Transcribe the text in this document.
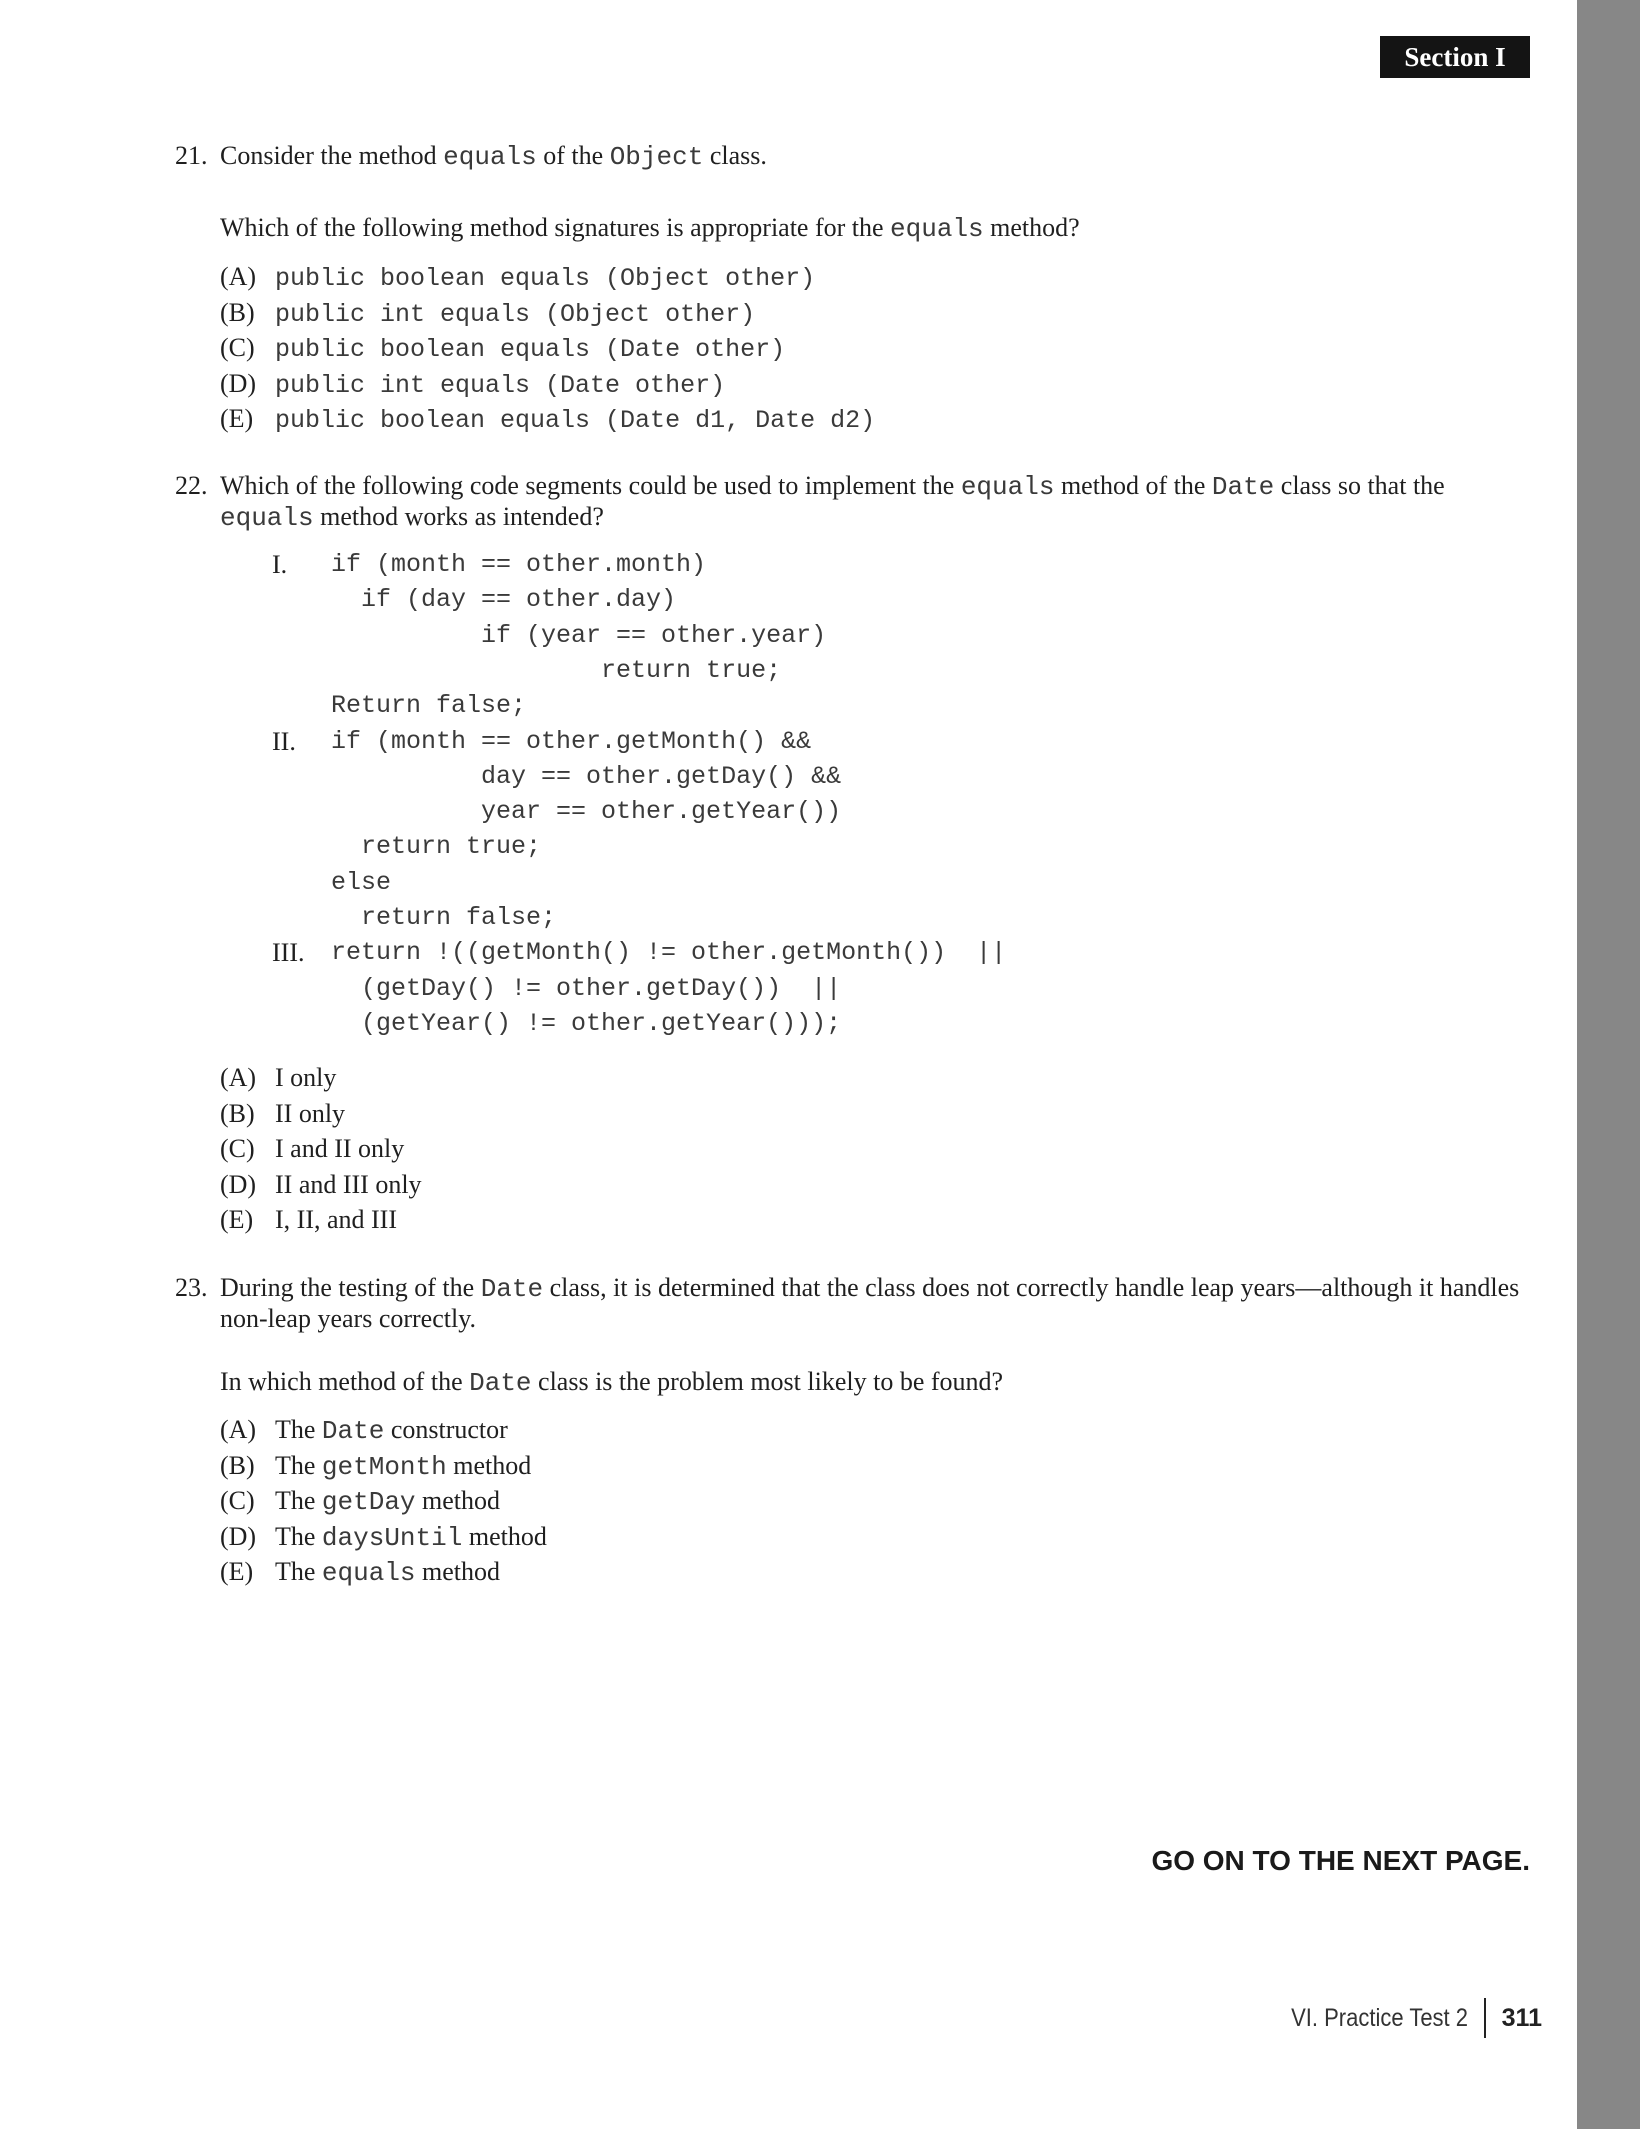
Section I
21. Consider the method equals of the Object class.
Which of the following method signatures is appropriate for the equals method?
(A) public boolean equals (Object other)
(B) public int equals (Object other)
(C) public boolean equals (Date other)
(D) public int equals (Date other)
(E) public boolean equals (Date d1, Date d2)
22. Which of the following code segments could be used to implement the equals method of the Date class so that the
equals method works as intended?
I. if (month == other.month)
if (day == other.day)
if (year == other.year)
return true;
Return false;
II. if (month == other.getMonth() &&
day == other.getDay() &&
year == other.getYear())
return true;
else
return false;
III. return !((getMonth() != other.getMonth())  ||
(getDay() != other.getDay())  ||
(getYear() != other.getYear()));
(A) I only
(B) II only
(C) I and II only
(D) II and III only
(E) I, II, and III
23. During the testing of the Date class, it is determined that the class does not correctly handle leap years—although it handles
non-leap years correctly.
In which method of the Date class is the problem most likely to be found?
(A) The Date constructor
(B) The getMonth method
(C) The getDay method
(D) The daysUntil method
(E) The equals method
GO ON TO THE NEXT PAGE.
VI. Practice Test 2 311
